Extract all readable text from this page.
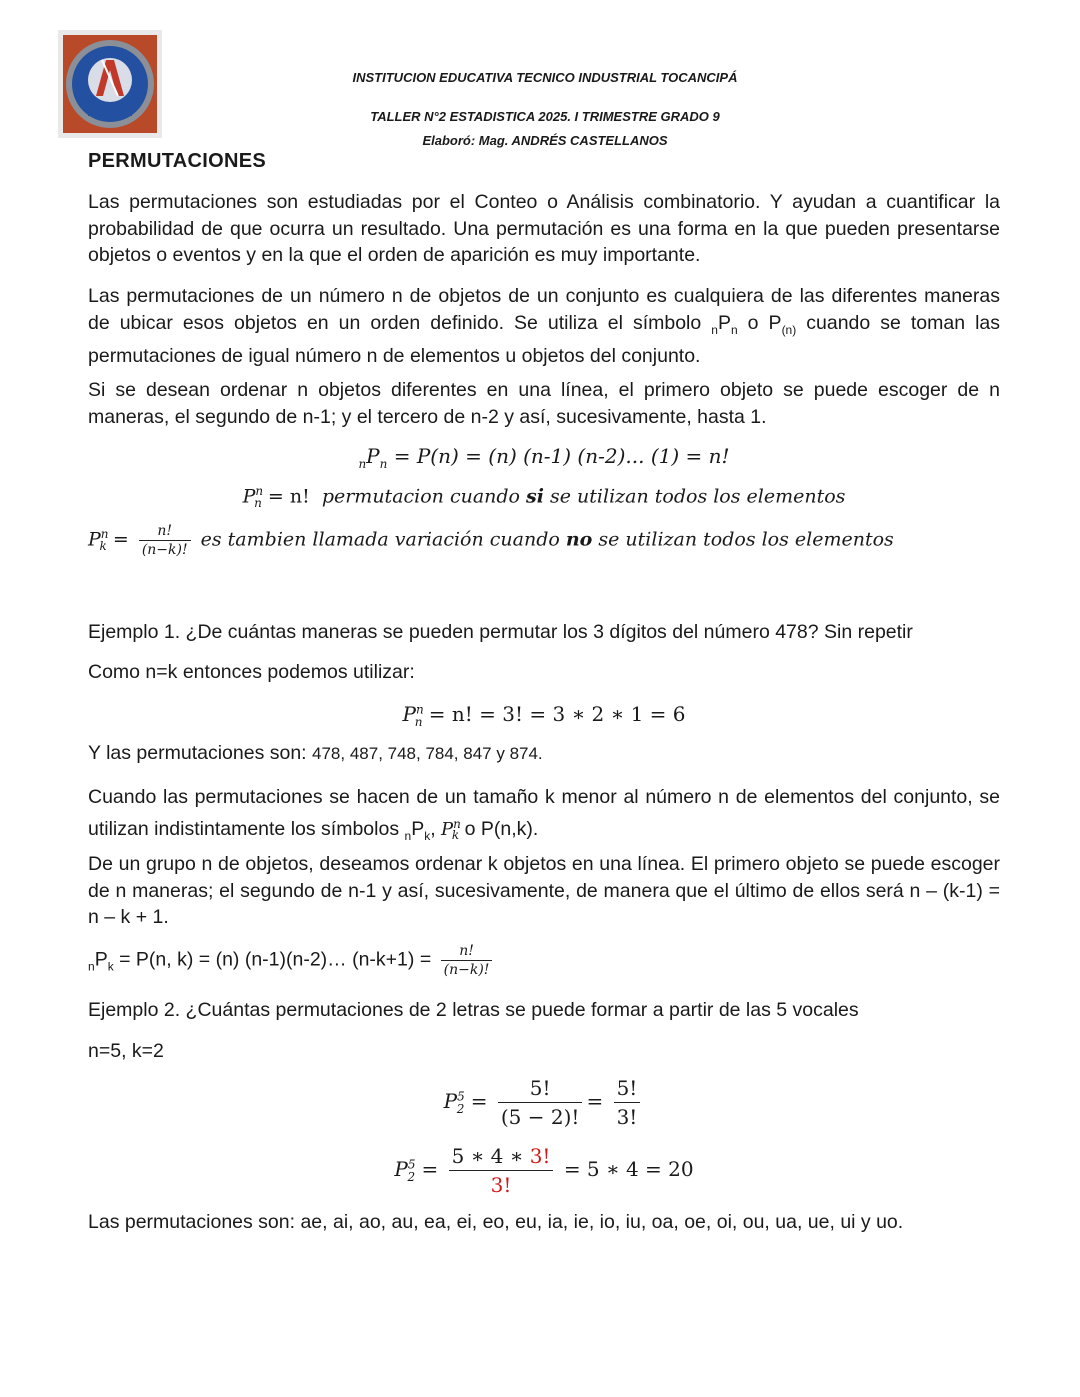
INSTITUCION EDUCATIVA TECNICO INDUSTRIAL TOCANCIPÁ
TALLER N°2 ESTADISTICA 2025. I TRIMESTRE GRADO 9
Elaboró: Mag. ANDRÉS CASTELLANOS
PERMUTACIONES
Las permutaciones son estudiadas por el Conteo o Análisis combinatorio. Y ayudan a cuantificar la probabilidad de que ocurra un resultado. Una permutación es una forma en la que pueden presentarse objetos o eventos y en la que el orden de aparición es muy importante.
Las permutaciones de un número n de objetos de un conjunto es cualquiera de las diferentes maneras de ubicar esos objetos en un orden definido. Se utiliza el símbolo $_nP_n$ o $P_{(n)}$ cuando se toman las permutaciones de igual número n de elementos u objetos del conjunto.
Si se desean ordenar n objetos diferentes en una línea, el primero objeto se puede escoger de n maneras, el segundo de n-1; y el tercero de n-2 y así, sucesivamente, hasta 1.
$_nP_n = P(n) = (n)$ (n-1) (n-2)... (1) = n!
$P^n_n = n$! permutacion cuando si se utilizan todos los elementos
$P^n_k = \frac{n!}{(n-k)!}$ es tambien llamada variación cuando no se utilizan todos los elementos
Ejemplo 1. ¿De cuántas maneras se pueden permutar los 3 dígitos del número 478? Sin repetir
Como n=k entonces podemos utilizar:
$P^n_n = n$! = 3! = 3 ∗ 2 ∗ 1 = 6
Y las permutaciones son: 478, 487, 748, 784, 847 y 874.
Cuando las permutaciones se hacen de un tamaño k menor al número n de elementos del conjunto, se utilizan indistintamente los símbolos $_nP_k$, $P^n_k$ o P(n,k).
De un grupo n de objetos, deseamos ordenar k objetos en una línea. El primero objeto se puede escoger de n maneras; el segundo de n-1 y así, sucesivamente, de manera que el último de ellos será n – (k-1) = n – k + 1.
$_nP_k = P(n$, k) = (n) (n-1)(n-2)… $(n-k+1) = \frac{n!}{(n-k)!}$
Ejemplo 2. ¿Cuántas permutaciones de 2 letras se puede formar a partir de las 5 vocales
n=5, k=2
$P^5_2 = \frac{5!}{(5 - 2)!} = \frac{5!}{3!}$
$P^5_2 = \frac{5 ∗ 4 ∗ 3!}{3!} = 5$ ∗ 4 = 20
Las permutaciones son: ae, ai, ao, au, ea, ei, eo, eu, ia, ie, io, iu, oa, oe, oi, ou, ua, ue, ui y uo.
